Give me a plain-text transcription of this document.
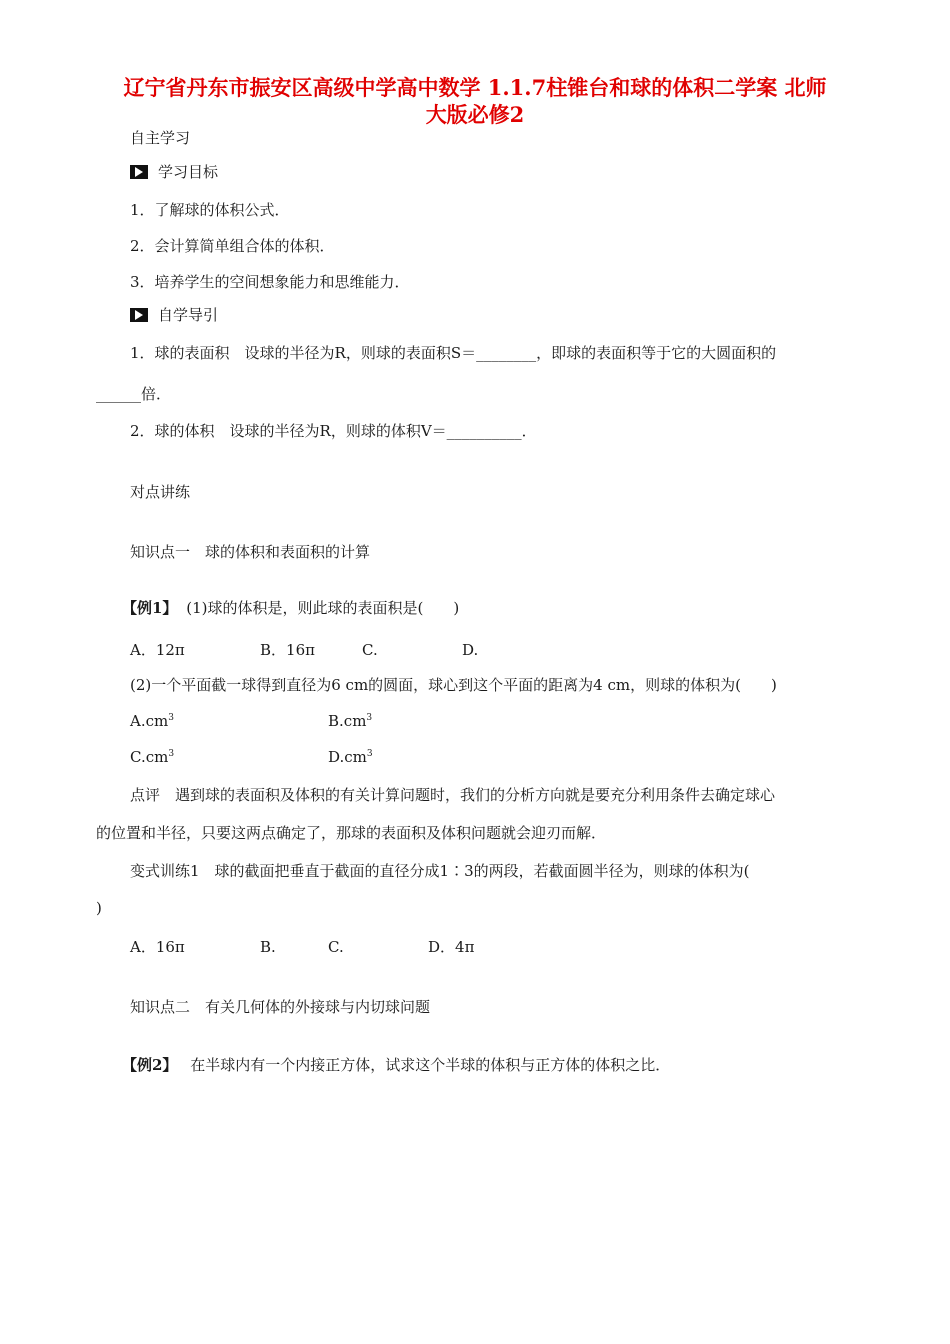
辽宁省丹东市振安区高级中学高中数学 1.1.7柱锥台和球的体积二学案 北师
大版必修2
自主学习
学习目标
1．了解球的体积公式．
2．会计算简单组合体的体积．
3．培养学生的空间想象能力和思维能力．
自学导引
1．球的表面积　设球的半径为R，则球的表面积S＝________，即球的表面积等于它的大圆面积的
______倍．
2．球的体积　设球的半径为R，则球的体积V＝__________．
对点讲练
知识点一　球的体积和表面积的计算
【例1】 (1)球的体积是，则此球的表面积是(　　)
A．12π	B．16π	C.	D.
(2)一个平面截一球得到直径为6 cm的圆面，球心到这个平面的距离为4 cm，则球的体积为(　　)
$A.cm^3$	$B.cm^3$
$C.cm^3$	$D.cm^3$
点评　遇到球的表面积及体积的有关计算问题时，我们的分析方向就是要充分利用条件去确定球心
的位置和半径，只要这两点确定了，那球的表面积及体积问题就会迎刃而解．
变式训练1　球的截面把垂直于截面的直径分成1∶3的两段，若截面圆半径为，则球的体积为(
)
A．16π	B.	C.	D．4π
知识点二　有关几何体的外接球与内切球问题
【例2】 在半球内有一个内接正方体，试求这个半球的体积与正方体的体积之比．
